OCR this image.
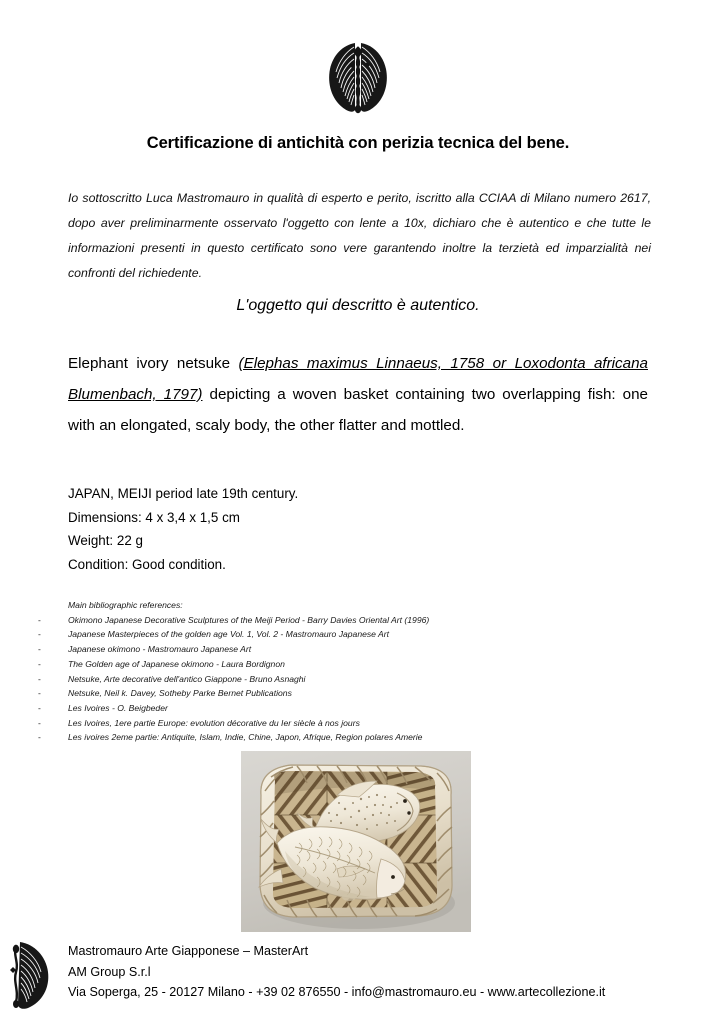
Certificazione di antichità con perizia tecnica del bene.
Io sottoscritto Luca Mastromauro in qualità di esperto e perito, iscritto alla CCIAA di Milano numero 2617, dopo aver preliminarmente osservato l'oggetto con lente a 10x, dichiaro che è autentico e che tutte le informazioni presenti in questo certificato sono vere garantendo inoltre la terzietà ed imparzialità nei confronti del richiedente.
L'oggetto qui descritto è autentico.
Elephant ivory netsuke (Elephas maximus Linnaeus, 1758 or Loxodonta africana Blumenbach, 1797) depicting a woven basket containing two overlapping fish: one with an elongated, scaly body, the other flatter and mottled.
JAPAN, MEIJI period late 19th century.
Dimensions: 4 x 3,4 x 1,5 cm
Weight: 22 g
Condition: Good condition.
Main bibliographic references:
-	Okimono Japanese Decorative Sculptures of the Meiji Period - Barry Davies Oriental Art (1996)
-	Japanese Masterpieces of the golden age Vol. 1, Vol. 2 - Mastromauro Japanese Art
-	Japanese okimono - Mastromauro Japanese Art
-	The Golden age of Japanese okimono - Laura Bordignon
-	Netsuke, Arte decorative dell'antico Giappone - Bruno Asnaghi
-	Netsuke, Neil k. Davey, Sotheby Parke Bernet Publications
-	Les Ivoires - O. Beigbeder
-	Les Ivoires, 1ere partie Europe: evolution décorative du Ier siècle à nos jours
-	Les ivoires 2eme partie: Antiquite, Islam, Indie, Chine, Japon, Afrique, Region polares Amerie
Mastromauro Arte Giapponese – MasterArt
AM Group S.r.l
Via Soperga, 25 - 20127 Milano - +39 02 876550 - info@mastromauro.eu - www.artecollezione.it
